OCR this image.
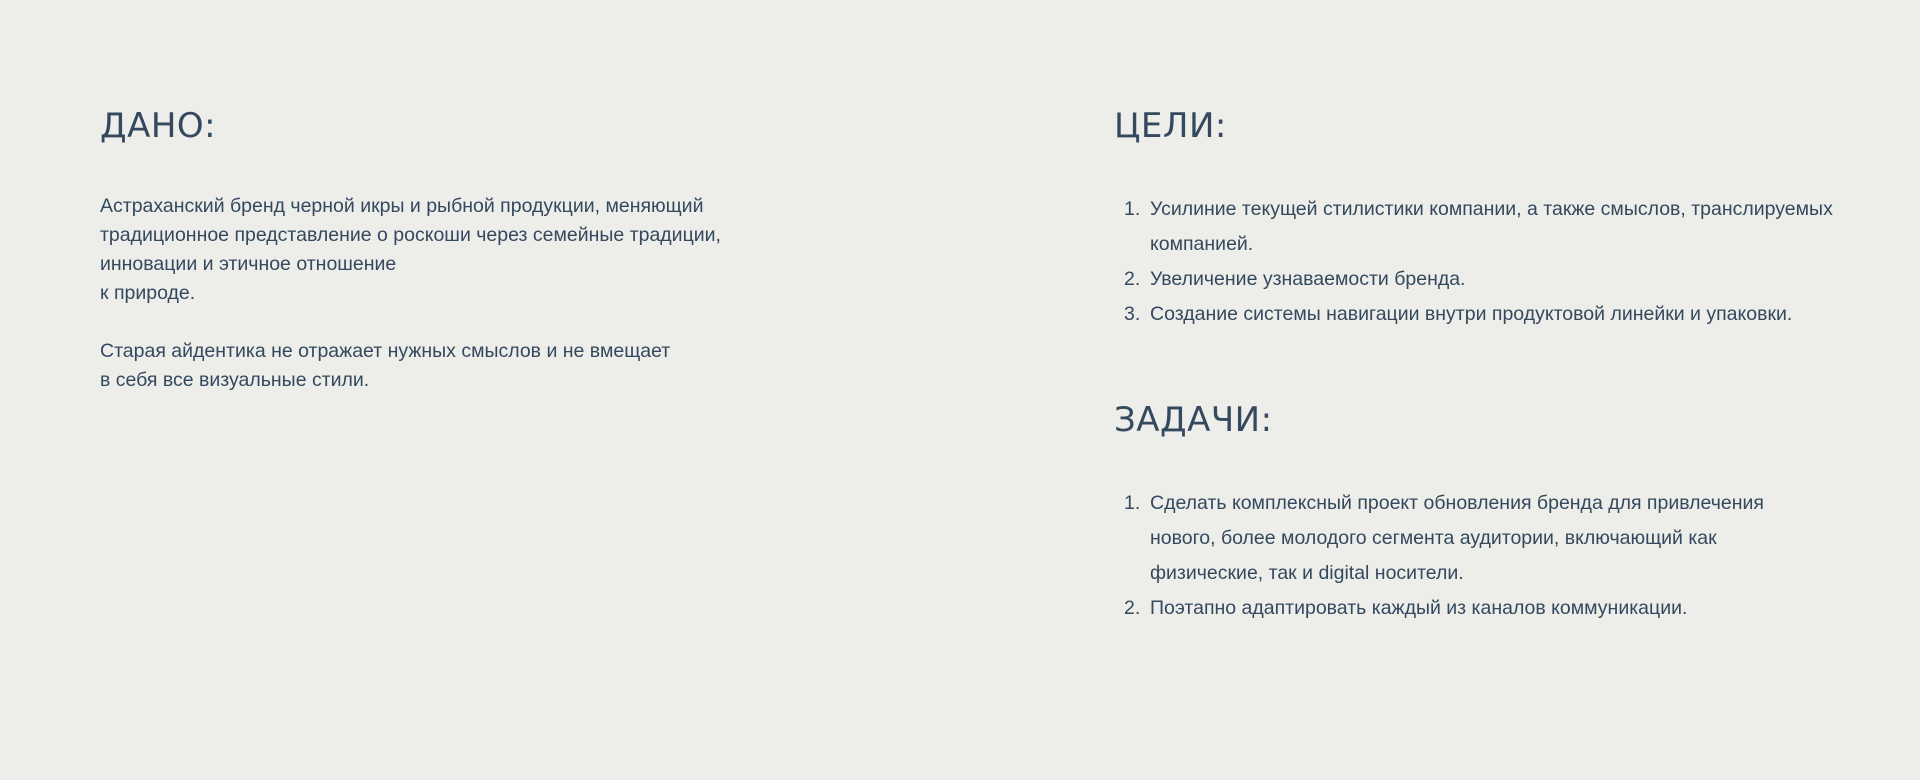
ДАНО:

Астраханский бренд черной икры и рыбной продукции, меняющий
традиционное представление о роскоши через семейные традиции,
инновации и этичное отношение
к природе.

Старая айдентика не отражает нужных смыслов и не вмещает
в себя все визуальные стили.

ЦЕЛИ:
1. Усилиние текущей стилистики компании, а также смыслов, транслируемых компанией.
2. Увеличение узнаваемости бренда.
3. Создание системы навигации внутри продуктовой линейки и упаковки.
ЗАДАЧИ:
1. Сделать комплексный проект обновления бренда для привлечения нового, более молодого сегмента аудитории, включающий как физические, так и digital носители.
2. Поэтапно адаптировать каждый из каналов коммуникации.
